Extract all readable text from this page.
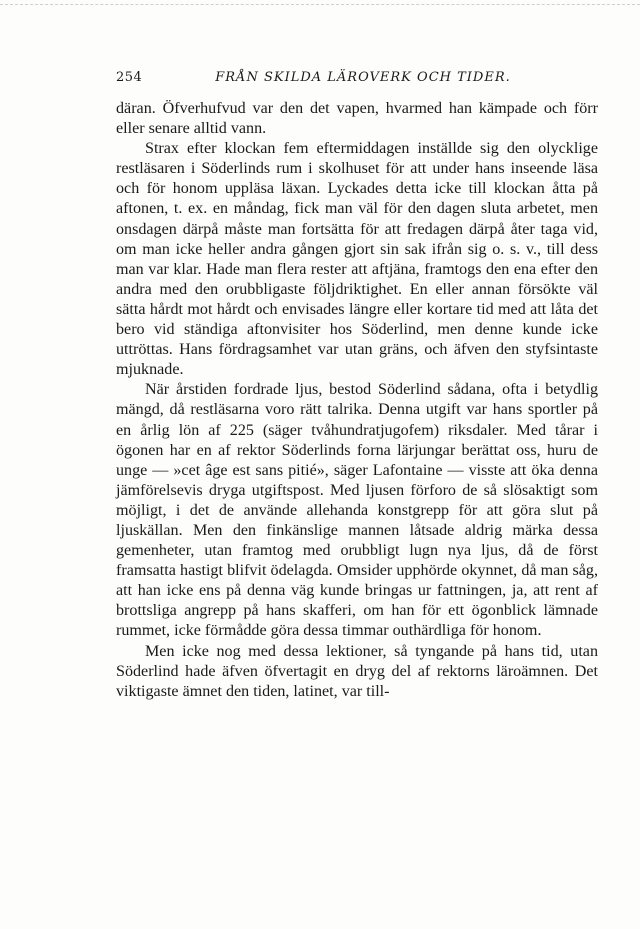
254	FRÅN SKILDA LÄROVERK OCH TIDER.

däran. Öfverhufvud var den det vapen, hvarmed han kämpade och förr eller senare alltid vann.

Strax efter klockan fem eftermiddagen inställde sig den olycklige restläsaren i Söderlinds rum i skolhuset för att under hans inseende läsa och för honom uppläsa läxan. Lyckades detta icke till klockan åtta på aftonen, t. ex. en måndag, fick man väl för den dagen sluta arbetet, men onsdagen därpå måste man fortsätta för att fredagen därpå åter taga vid, om man icke heller andra gången gjort sin sak ifrån sig o. s. v., till dess man var klar. Hade man flera rester att aftjäna, framtogs den ena efter den andra med den orubbligaste följdriktighet. En eller annan försökte väl sätta hårdt mot hårdt och envisades längre eller kortare tid med att låta det bero vid ständiga aftonvisiter hos Söderlind, men denne kunde icke uttröttas. Hans fördragsamhet var utan gräns, och äfven den styfsintaste mjuknade.

När årstiden fordrade ljus, bestod Söderlind sådana, ofta i betydlig mängd, då restläsarna voro rätt talrika. Denna utgift var hans sportler på en årlig lön af 225 (säger tvåhundratjugofem) riksdaler. Med tårar i ögonen har en af rektor Söderlinds forna lärjungar berättat oss, huru de unge — »cet âge est sans pitié», säger Lafontaine — visste att öka denna jämförelsevis dryga utgiftspost. Med ljusen förforo de så slösaktigt som möjligt, i det de använde allehanda konstgrepp för att göra slut på ljuskällan. Men den finkänslige mannen låtsade aldrig märka dessa gemenheter, utan framtog med orubbligt lugn nya ljus, då de först framsatta hastigt blifvit ödelagda. Omsider upphörde okynnet, då man såg, att han icke ens på denna väg kunde bringas ur fattningen, ja, att rent af brottsliga angrepp på hans skafferi, om han för ett ögonblick lämnade rummet, icke förmådde göra dessa timmar outhärdliga för honom.

Men icke nog med dessa lektioner, så tyngande på hans tid, utan Söderlind hade äfven öfvertagit en dryg del af rektorns läroämnen. Det viktigaste ämnet den tiden, latinet, var till-
